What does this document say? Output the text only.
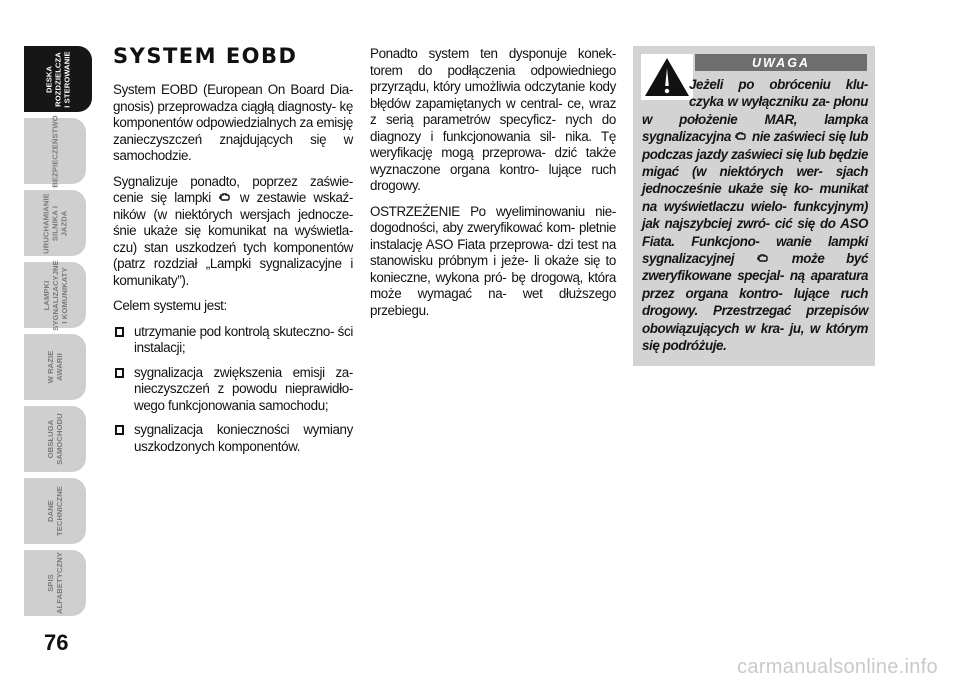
DESKA
ROZDZIELCZA
I STEROWANIE
BEZPIECZEŃSTWO
URUCHAMIANIE
SILNIKA I JAZDA
LAMPKI
SYGNALIZACYJNE
I KOMUNIKATY
W RAZIE AWARII
OBSŁUGA
SAMOCHODU
DANE
TECHNICZNE
SPIS
ALFABETYCZNY
76
SYSTEM EOBD

System EOBD (European On Board Dia- gnosis) przeprowadza ciągłą diagnosty- kę komponentów odpowiedzialnych za emisję zanieczyszczeń znajdujących się w samochodzie.

Sygnalizuje ponadto, poprzez zaświe- cenie się lampki w zestawie wskaź- ników (w niektórych wersjach jednocze- śnie ukaże się komunikat na wyświetla- czu) stan uszkodzeń tych komponentów (patrz rozdział „Lampki sygnalizacyjne i komunikaty”).

Celem systemu jest:

utrzymanie pod kontrolą skuteczno- ści instalacji;
sygnalizacja zwiększenia emisji za- nieczyszczeń z powodu nieprawidło- wego funkcjonowania samochodu;
sygnalizacja konieczności wymiany uszkodzonych komponentów.

Ponadto system ten dysponuje konek- torem do podłączenia odpowiedniego przyrządu, który umożliwia odczytanie kody błędów zapamiętanych w central- ce, wraz z serią parametrów specyficz- nych do diagnozy i funkcjonowania sil- nika. Tę weryfikację mogą przeprowa- dzić także wyznaczone organa kontro- lujące ruch drogowy.

OSTRZEŻENIE Po wyeliminowaniu nie- dogodności, aby zweryfikować kom- pletnie instalację ASO Fiata przeprowa- dzi test na stanowisku próbnym i jeże- li okaże się to konieczne, wykona pró- bę drogową, która może wymagać na- wet dłuższego przebiegu.

UWAGA
Jeżeli po obróceniu klu- czyka w wyłączniku za- płonu w położenie MAR, lampka sygnalizacyjna nie zaświeci się lub podczas jazdy zaświeci się lub będzie migać (w niektórych wer- sjach jednocześnie ukaże się ko- munikat na wyświetlaczu wielo- funkcyjnym) jak najszybciej zwró- cić się do ASO Fiata. Funkcjono- wanie lampki sygnalizacyjnej	może być zweryfikowane specjal- ną aparatura przez organa kontro- lujące ruch drogowy. Przestrzegać przepisów obowiązujących w kra- ju, w którym się podróżuje.
carmanualsonline.info
